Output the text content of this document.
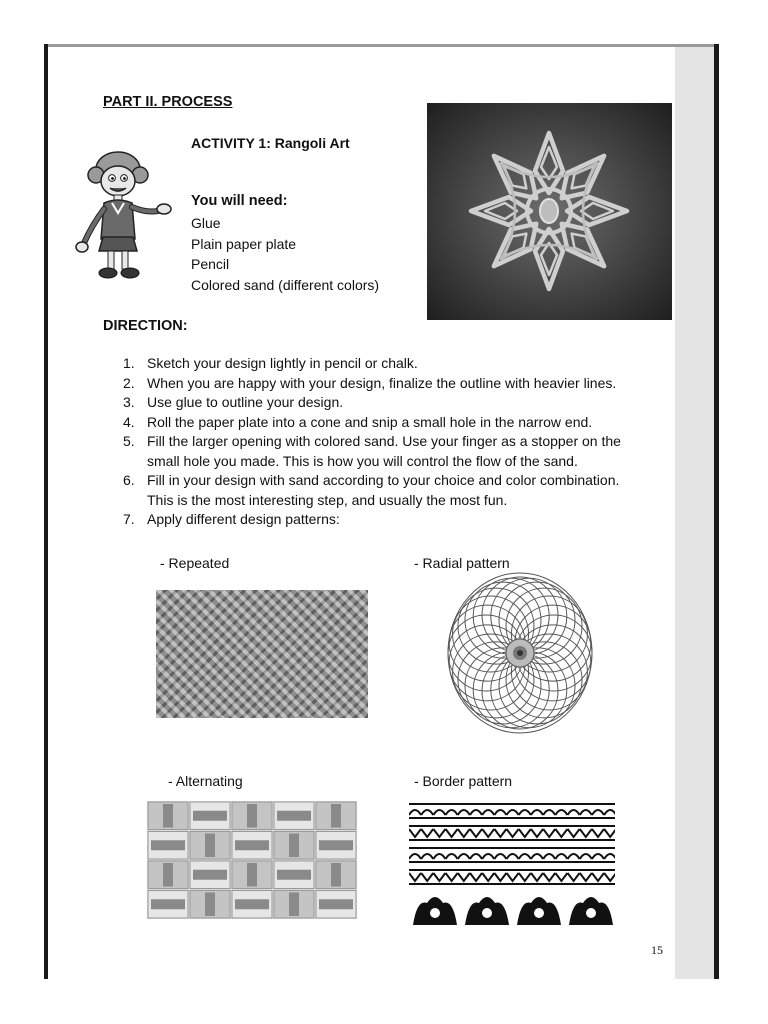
PART II. PROCESS
ACTIVITY 1: Rangoli Art
You will need:
Glue
Plain paper plate
Pencil
Colored sand (different colors)
DIRECTION:
1. Sketch your design lightly in pencil or chalk.
2. When you are happy with your design, finalize the outline with heavier lines.
3. Use glue to outline your design.
4. Roll the paper plate into a cone and snip a small hole in the narrow end.
5. Fill the larger opening with colored sand. Use your finger as a stopper on the
small hole you made. This is how you will control the flow of the sand.
6. Fill in your design with sand according to your choice and color combination.
This is the most interesting step, and usually the most fun.
7. Apply different design patterns:
- Repeated	- Radial pattern
- Alternating	- Border pattern
15
